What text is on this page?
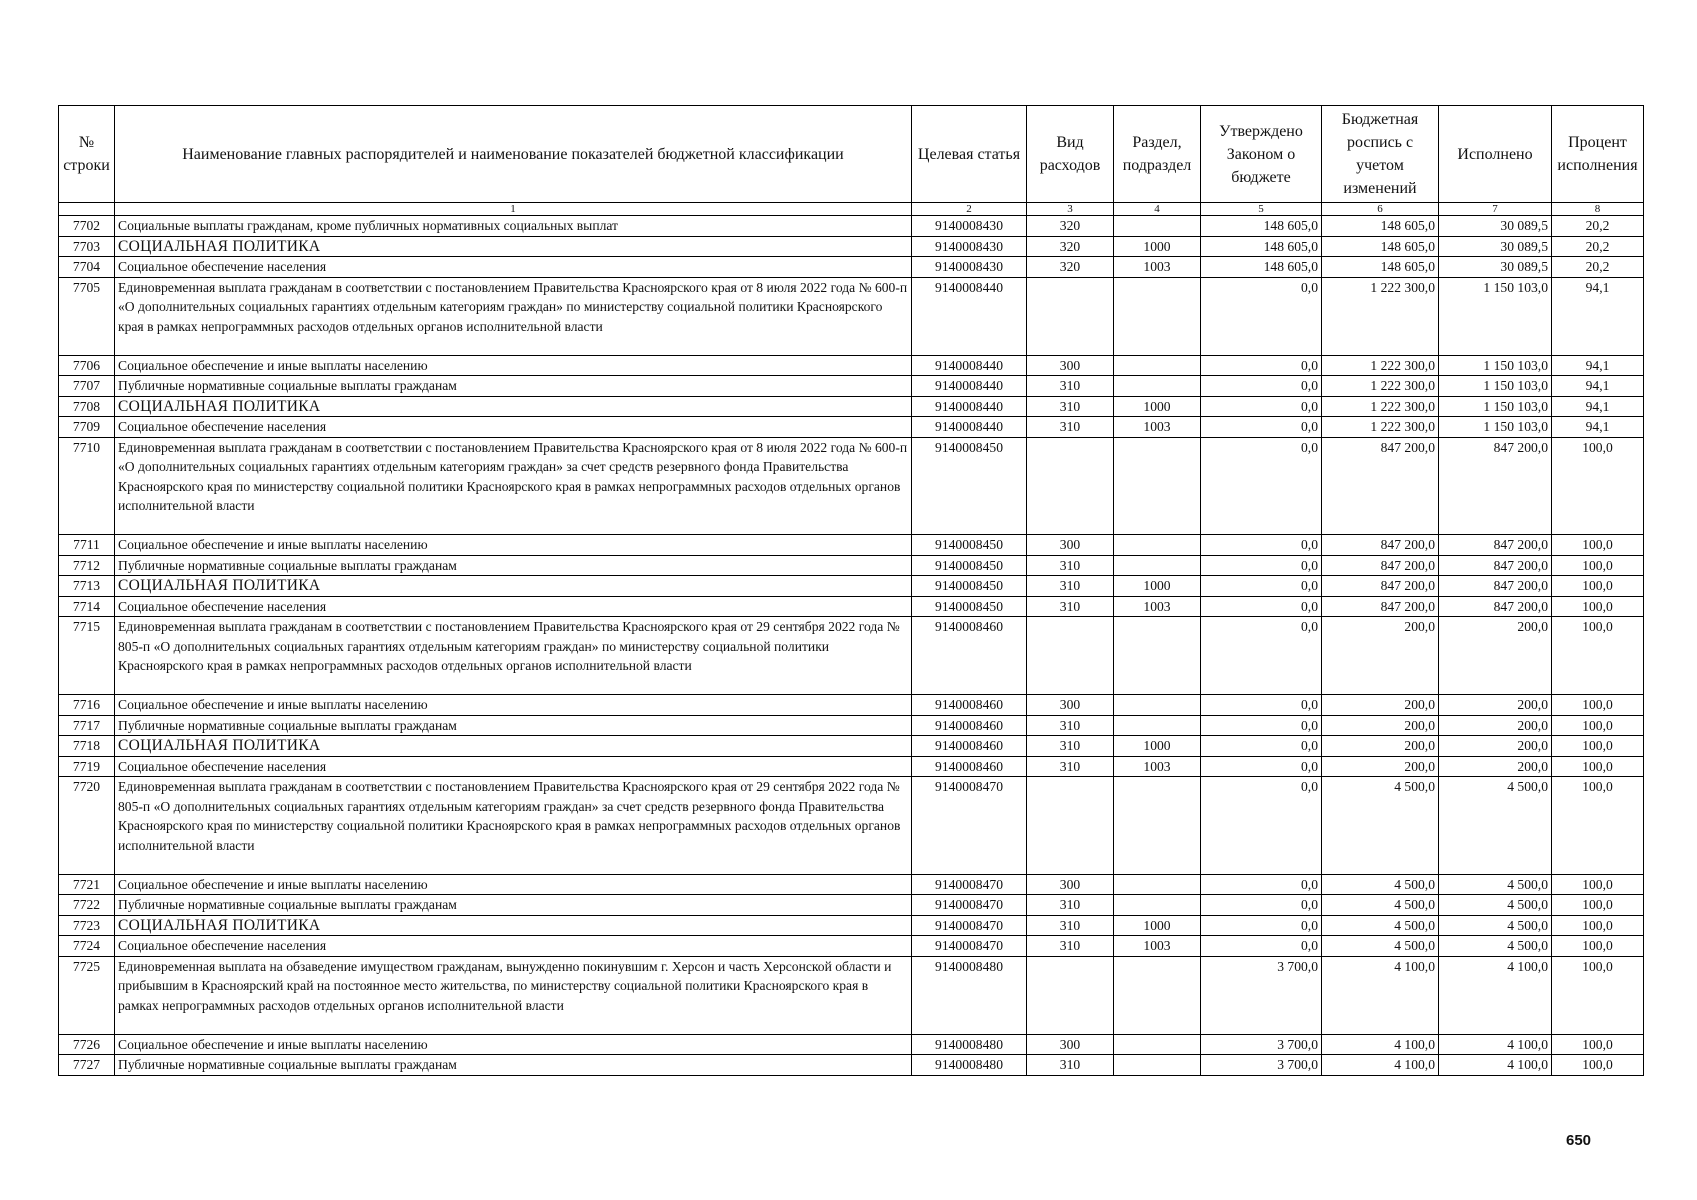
№ строки	Наименование главных распорядителей и наименование показателей бюджетной классификации	Целевая статья	Вид расходов	Раздел, подраздел	Утверждено Законом о бюджете	Бюджетная роспись с учетом изменений	Исполнено	Процент исполнения
	1	2	3	4	5	6	7	8
7702	Социальные выплаты гражданам, кроме публичных нормативных социальных выплат	9140008430	320		148 605,0	148 605,0	30 089,5	20,2
7703	СОЦИАЛЬНАЯ ПОЛИТИКА	9140008430	320	1000	148 605,0	148 605,0	30 089,5	20,2
7704	Социальное обеспечение населения	9140008430	320	1003	148 605,0	148 605,0	30 089,5	20,2
7705	Единовременная выплата гражданам в соответствии с постановлением Правительства Красноярского края от 8 июля 2022 года № 600-п «О дополнительных социальных гарантиях отдельным категориям граждан» по министерству социальной политики Красноярского края в рамках непрограммных расходов отдельных органов исполнительной власти	9140008440			0,0	1 222 300,0	1 150 103,0	94,1
7706	Социальное обеспечение и иные выплаты населению	9140008440	300		0,0	1 222 300,0	1 150 103,0	94,1
7707	Публичные нормативные социальные выплаты гражданам	9140008440	310		0,0	1 222 300,0	1 150 103,0	94,1
7708	СОЦИАЛЬНАЯ ПОЛИТИКА	9140008440	310	1000	0,0	1 222 300,0	1 150 103,0	94,1
7709	Социальное обеспечение населения	9140008440	310	1003	0,0	1 222 300,0	1 150 103,0	94,1
7710	Единовременная выплата гражданам в соответствии с постановлением Правительства Красноярского края от 8 июля 2022 года № 600-п «О дополнительных социальных гарантиях отдельным категориям граждан» за счет средств резервного фонда Правительства Красноярского края по министерству социальной политики Красноярского края в рамках непрограммных расходов отдельных органов исполнительной власти	9140008450			0,0	847 200,0	847 200,0	100,0
7711	Социальное обеспечение и иные выплаты населению	9140008450	300		0,0	847 200,0	847 200,0	100,0
7712	Публичные нормативные социальные выплаты гражданам	9140008450	310		0,0	847 200,0	847 200,0	100,0
7713	СОЦИАЛЬНАЯ ПОЛИТИКА	9140008450	310	1000	0,0	847 200,0	847 200,0	100,0
7714	Социальное обеспечение населения	9140008450	310	1003	0,0	847 200,0	847 200,0	100,0
7715	Единовременная выплата гражданам в соответствии с постановлением Правительства Красноярского края от 29 сентября 2022 года № 805-п «О дополнительных социальных гарантиях отдельным категориям граждан» по министерству социальной политики Красноярского края в рамках непрограммных расходов отдельных органов исполнительной власти	9140008460			0,0	200,0	200,0	100,0
7716	Социальное обеспечение и иные выплаты населению	9140008460	300		0,0	200,0	200,0	100,0
7717	Публичные нормативные социальные выплаты гражданам	9140008460	310		0,0	200,0	200,0	100,0
7718	СОЦИАЛЬНАЯ ПОЛИТИКА	9140008460	310	1000	0,0	200,0	200,0	100,0
7719	Социальное обеспечение населения	9140008460	310	1003	0,0	200,0	200,0	100,0
7720	Единовременная выплата гражданам в соответствии с постановлением Правительства Красноярского края от 29 сентября 2022 года № 805-п «О дополнительных социальных гарантиях отдельным категориям граждан» за счет средств резервного фонда Правительства Красноярского края по министерству социальной политики Красноярского края в рамках непрограммных расходов отдельных органов исполнительной власти	9140008470			0,0	4 500,0	4 500,0	100,0
7721	Социальное обеспечение и иные выплаты населению	9140008470	300		0,0	4 500,0	4 500,0	100,0
7722	Публичные нормативные социальные выплаты гражданам	9140008470	310		0,0	4 500,0	4 500,0	100,0
7723	СОЦИАЛЬНАЯ ПОЛИТИКА	9140008470	310	1000	0,0	4 500,0	4 500,0	100,0
7724	Социальное обеспечение населения	9140008470	310	1003	0,0	4 500,0	4 500,0	100,0
7725	Единовременная выплата на обзаведение имуществом гражданам, вынужденно покинувшим г. Херсон и часть Херсонской области и прибывшим в Красноярский край на постоянное место жительства, по министерству социальной политики Красноярского края в рамках непрограммных расходов отдельных органов исполнительной власти	9140008480			3 700,0	4 100,0	4 100,0	100,0
7726	Социальное обеспечение и иные выплаты населению	9140008480	300		3 700,0	4 100,0	4 100,0	100,0
7727	Публичные нормативные социальные выплаты гражданам	9140008480	310		3 700,0	4 100,0	4 100,0	100,0
650
